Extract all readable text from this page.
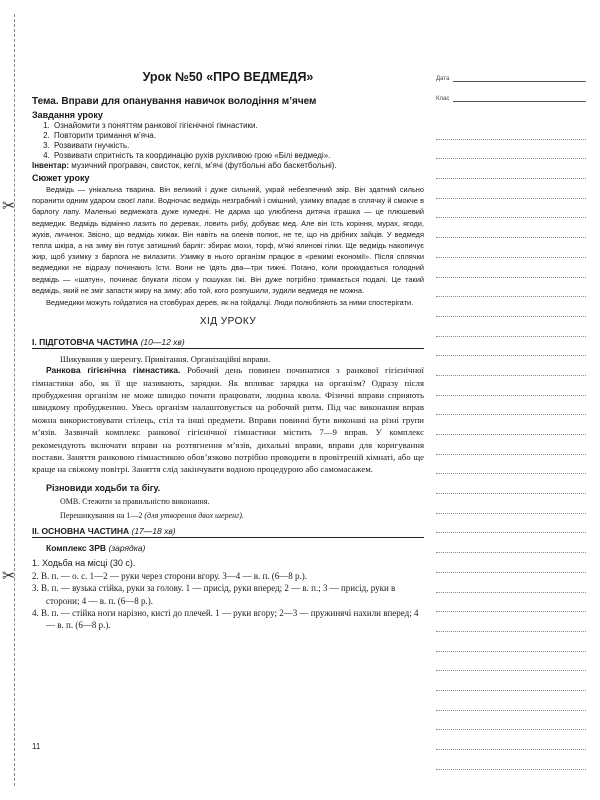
✂
✂
Урок №50 «ПРО ВЕДМЕДЯ»
Тема. Вправи для опанування навичок володіння м’ячем
Завдання уроку
1. Ознайомити з поняттям ранкової гігієнічної гімнастики.
2. Повторити тримання м’яча.
3. Розвивати гнучкість.
4. Розвивати спритність та координацію рухів рухливою грою «Білі ведмеді».
Інвентар: музичний програвач, свисток, кеглі, м’ячі (футбольні або баскетбольні).
Сюжет уроку

Ведмідь — унікальна тварина. Він великий і дуже сильний, украй небезпечний звір. Він здатний сильно поранити одним ударом своєї лапи. Водночас ведмідь незграбний і смішний, узимку впадає в сплячку й смокче в барлогу лапу. Маленькі ведмежата дуже кумедні. Не дарма що улюблена дитяча іграшка — це плюшевий ведмедик. Ведмідь відмінно лазить по деревах, ловить рибу, добуває мед. Але він їсть коріння, мурах, ягоди, жуків, личинок. Звісно, що ведмідь хижак. Він навіть на оленів полює, не те, що на дрібних зайців. У ведмедя тепла шкіра, а на зиму він готує затишний барліг: збирає мохи, торф, м’які ялинові гілки. Ще ведмідь накопичує жир, щоб узимку з барлога не вилазити. Узимку в нього організм працює в «режимі економії». Після сплячки ведмедики не відразу починають їсти. Вони не їдять два—три тижні. Погано, коли прокидається голодний ведмідь — «шатун», починає блукати лісом у пошуках їжі. Він дуже потрібно тримається подалі. Це такий ведмідь, який не зміг запасти жиру на зиму; або той, кого розпушили, зудили ведмедя не можна.

Ведмедики можуть гойдатися на стовбурах дерев, як на гойдалці. Люди полюбляють за ними спостерігати.

ХІД УРОКУ
І. ПІДГОТОВЧА ЧАСТИНА (10—12 хв)

Шикування у шеренгу. Привітання. Організаційні вправи.

Ранкова гігієнічна гімнастика. Робочий день повинен починатися з ранкової гігієнічної гімнастики або, як її ще називають, зарядки. Як впливає зарядка на організм? Одразу після пробудження організм не може швидко почати працювати, людина квола. Фізичні вправи сприяють швидкому пробудженню. Увесь організм налаштовується на робочий ритм. Під час виконання вправ можна використовувати стілець, стіл та інші предмети. Вправи повинні бути виконані на різні групи м’язів. Зазвичай комплекс ранкової гігієнічної гімнастики містить 7—9 вправ. У комплекс рекомендують включати вправи на розтягнення м’язів, дихальні вправи, вправи для коригування постави. Заняття ранковою гімнастикою обов’язково потрібно проводити в провітреній кімнаті, або ще краще на свіжому повітрі. Заняття слід закінчувати водною процедурою або самомасажем.

Різновиди ходьби та бігу.
ОМВ. Стежити за правильністю виконання.
Перешикування на 1—2 (для утворення двох шеренг).
ІІ. ОСНОВНА ЧАСТИНА (17—18 хв)
Комплекс ЗРВ (зарядка)

1. Ходьба на місці (30 с).

2. В. п. — о. с. 1—2 — руки через сторони вгору. 3—4 — в. п. (6—8 р.).

3. В. п. — вузька стійка, руки за голову. 1 — присід, руки вперед; 2 — в. п.; 3 — присід, руки в сторони; 4 — в. п. (6—8 р.).

4. В. п. — стійка ноги нарізно, кисті до плечей. 1 — руки вгору; 2—3 — пружинячі нахили вперед; 4 — в. п. (6—8 р.).

11
Дата
Клас
